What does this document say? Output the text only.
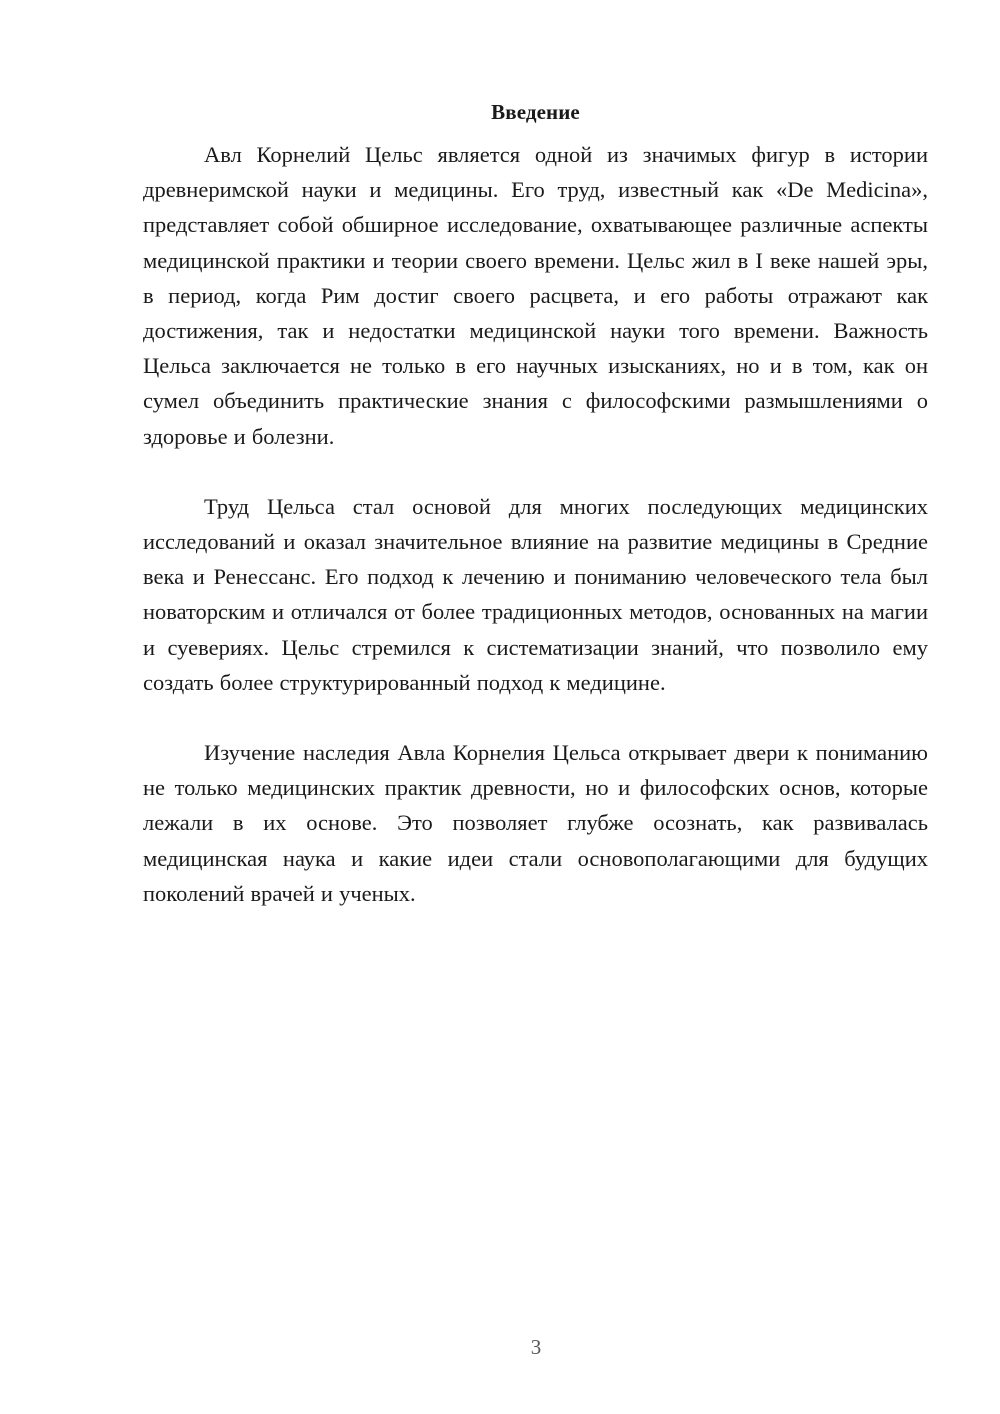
Введение

Авл Корнелий Цельс является одной из значимых фигур в истории древнеримской науки и медицины. Его труд, известный как «De Medicina», представляет собой обширное исследование, охватывающее различные аспекты медицинской практики и теории своего времени. Цельс жил в I веке нашей эры, в период, когда Рим достиг своего расцвета, и его работы отражают как достижения, так и недостатки медицинской науки того времени. Важность Цельса заключается не только в его научных изысканиях, но и в том, как он сумел объединить практические знания с философскими размышлениями о здоровье и болезни.

Труд Цельса стал основой для многих последующих медицинских исследований и оказал значительное влияние на развитие медицины в Средние века и Ренессанс. Его подход к лечению и пониманию человеческого тела был новаторским и отличался от более традиционных методов, основанных на магии и суевериях. Цельс стремился к систематизации знаний, что позволило ему создать более структурированный подход к медицине.

Изучение наследия Авла Корнелия Цельса открывает двери к пониманию не только медицинских практик древности, но и философских основ, которые лежали в их основе. Это позволяет глубже осознать, как развивалась медицинская наука и какие идеи стали основополагающими для будущих поколений врачей и ученых.

3
